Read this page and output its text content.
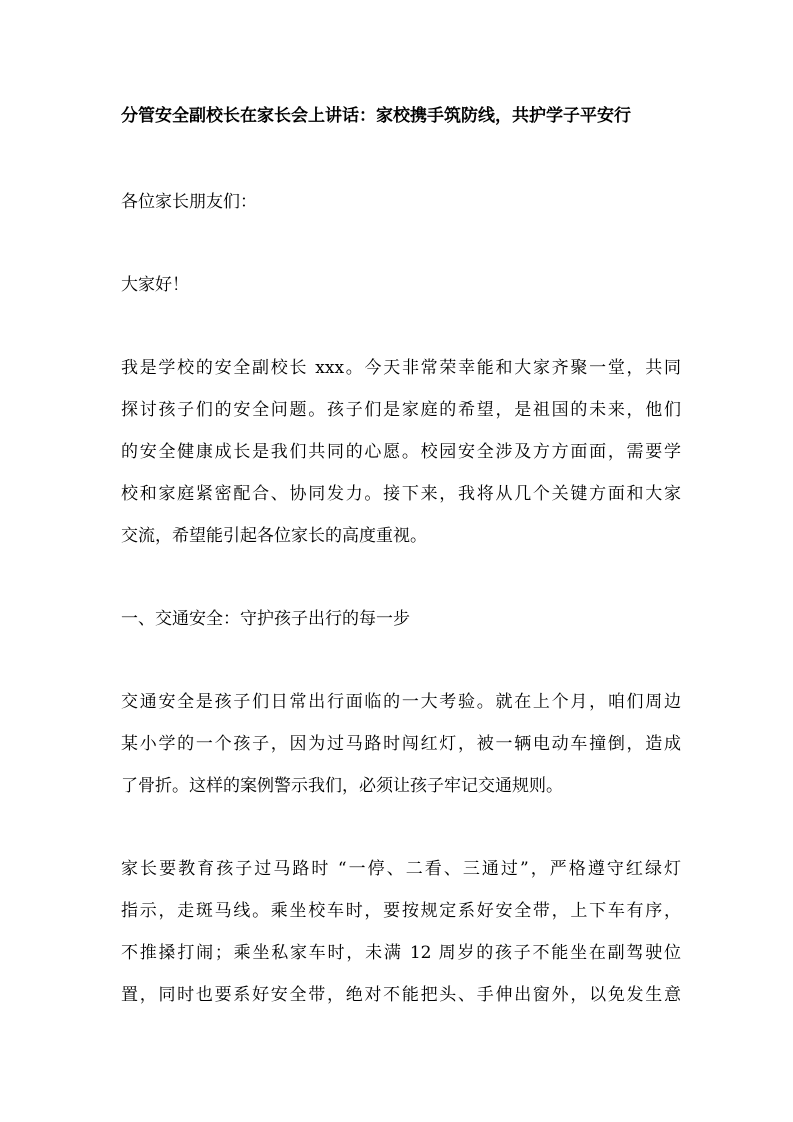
分管安全副校长在家长会上讲话：家校携手筑防线，共护学子平安行
各位家长朋友们：
大家好！
我是学校的安全副校长 xxx。今天非常荣幸能和大家齐聚一堂，共同
探讨孩子们的安全问题。孩子们是家庭的希望，是祖国的未来，他们
的安全健康成长是我们共同的心愿。校园安全涉及方方面面，需要学
校和家庭紧密配合、协同发力。接下来，我将从几个关键方面和大家
交流，希望能引起各位家长的高度重视。
一、交通安全：守护孩子出行的每一步
交通安全是孩子们日常出行面临的一大考验。就在上个月，咱们周边
某小学的一个孩子，因为过马路时闯红灯，被一辆电动车撞倒，造成
了骨折。这样的案例警示我们，必须让孩子牢记交通规则。
家长要教育孩子过马路时 “一停、二看、三通过”，严格遵守红绿灯
指示，走斑马线。乘坐校车时，要按规定系好安全带，上下车有序，
不推搡打闹；乘坐私家车时，未满 12 周岁的孩子不能坐在副驾驶位
置，同时也要系好安全带，绝对不能把头、手伸出窗外，以免发生意
